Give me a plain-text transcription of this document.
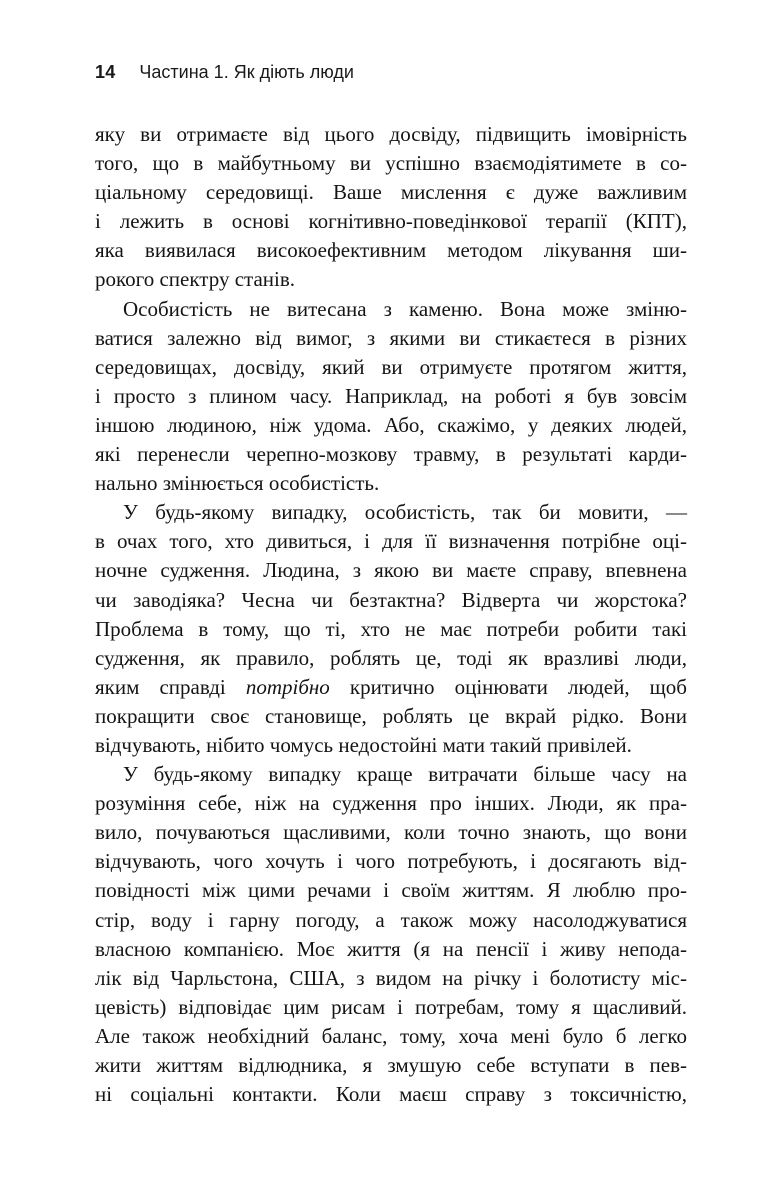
14 Частина 1. Як діють люди
яку ви отримаєте від цього досвіду, підвищить імовірність
того, що в майбутньому ви успішно взаємодіятимете в со-
ціальному середовищі. Ваше мислення є дуже важливим
і лежить в основі когнітивно-поведінкової терапії (КПТ),
яка виявилася високоефективним методом лікування ши-
рокого спектру станів.
Особистість не витесана з каменю. Вона може зміню-
ватися залежно від вимог, з якими ви стикаєтеся в різних
середовищах, досвіду, який ви отримуєте протягом життя,
і просто з плином часу. Наприклад, на роботі я був зовсім
іншою людиною, ніж удома. Або, скажімо, у деяких людей,
які перенесли черепно-мозкову травму, в результаті карди-
нально змінюється особистість.
У будь-якому випадку, особистість, так би мовити, —
в очах того, хто дивиться, і для її визначення потрібне оці-
ночне судження. Людина, з якою ви маєте справу, впевнена
чи заводіяка? Чесна чи безтактна? Відверта чи жорстока?
Проблема в тому, що ті, хто не має потреби робити такі
судження, як правило, роблять це, тоді як вразливі люди,
яким справді потрібно критично оцінювати людей, щоб
покращити своє становище, роблять це вкрай рідко. Вони
відчувають, нібито чомусь недостойні мати такий привілей.
У будь-якому випадку краще витрачати більше часу на
розуміння себе, ніж на судження про інших. Люди, як пра-
вило, почуваються щасливими, коли точно знають, що вони
відчувають, чого хочуть і чого потребують, і досягають від-
повідності між цими речами і своїм життям. Я люблю про-
стір, воду і гарну погоду, а також можу насолоджуватися
власною компанією. Моє життя (я на пенсії і живу непода-
лік від Чарльстона, США, з видом на річку і болотисту міс-
цевість) відповідає цим рисам і потребам, тому я щасливий.
Але також необхідний баланс, тому, хоча мені було б легко
жити життям відлюдника, я змушую себе вступати в пев-
ні соціальні контакти. Коли маєш справу з токсичністю,
